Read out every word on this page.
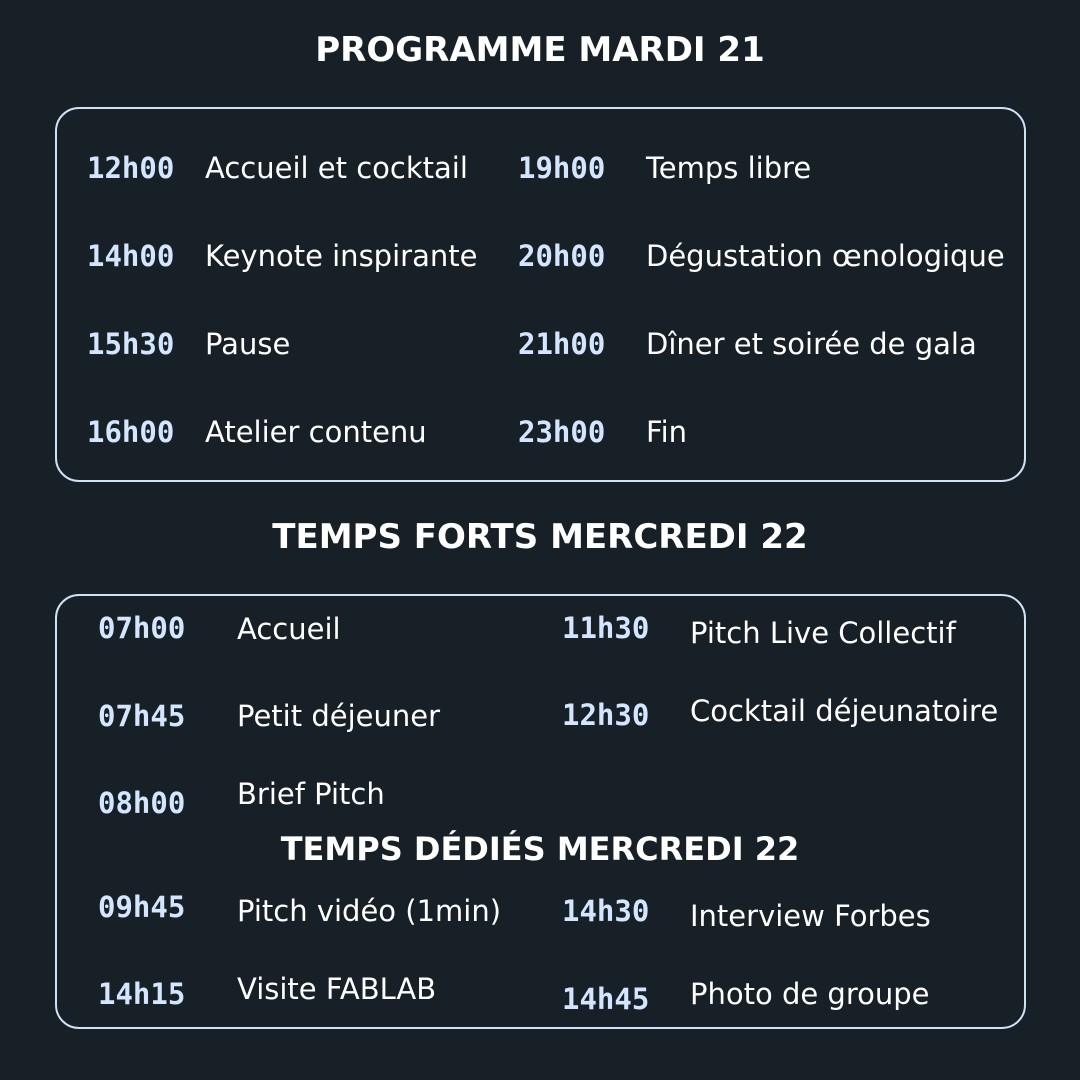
PROGRAMME MARDI 21
12h00 Accueil et cocktail
14h00 Keynote inspirante
15h30 Pause
16h00 Atelier contenu
19h00 Temps libre
20h00 Dégustation œnologique
21h00 Dîner et soirée de gala
23h00 Fin
TEMPS FORTS MERCREDI 22
07h00 Accueil
07h45 Petit déjeuner
08h00 Brief Pitch
11h30 Pitch Live Collectif
12h30 Cocktail déjeunatoire
TEMPS DÉDIÉS MERCREDI 22
09h45 Pitch vidéo (1min)
14h15 Visite FABLAB
14h30 Interview Forbes
14h45 Photo de groupe
